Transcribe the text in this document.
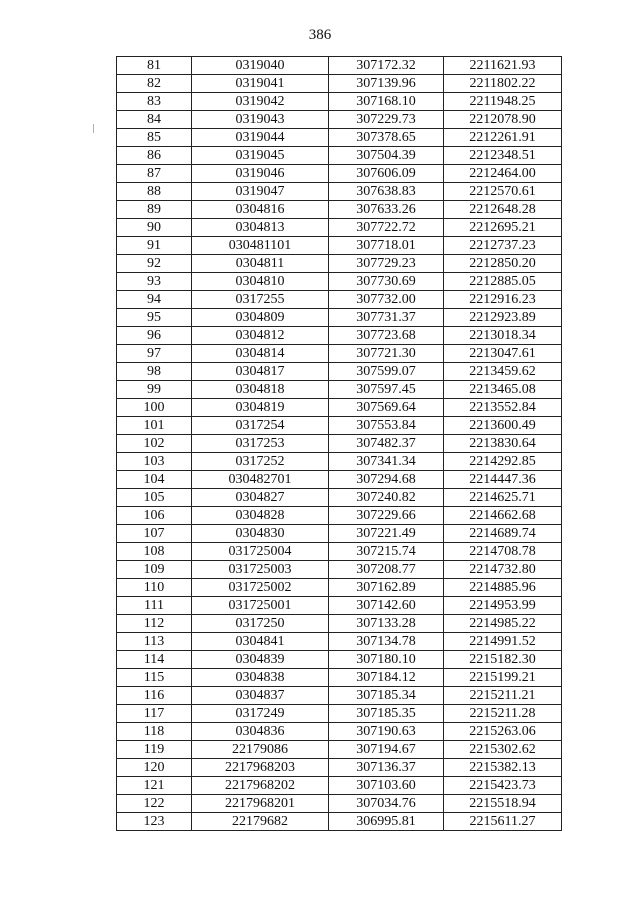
386
81	0319040	307172.32	2211621.93
82	0319041	307139.96	2211802.22
83	0319042	307168.10	2211948.25
84	0319043	307229.73	2212078.90
85	0319044	307378.65	2212261.91
86	0319045	307504.39	2212348.51
87	0319046	307606.09	2212464.00
88	0319047	307638.83	2212570.61
89	0304816	307633.26	2212648.28
90	0304813	307722.72	2212695.21
91	030481101	307718.01	2212737.23
92	0304811	307729.23	2212850.20
93	0304810	307730.69	2212885.05
94	0317255	307732.00	2212916.23
95	0304809	307731.37	2212923.89
96	0304812	307723.68	2213018.34
97	0304814	307721.30	2213047.61
98	0304817	307599.07	2213459.62
99	0304818	307597.45	2213465.08
100	0304819	307569.64	2213552.84
101	0317254	307553.84	2213600.49
102	0317253	307482.37	2213830.64
103	0317252	307341.34	2214292.85
104	030482701	307294.68	2214447.36
105	0304827	307240.82	2214625.71
106	0304828	307229.66	2214662.68
107	0304830	307221.49	2214689.74
108	031725004	307215.74	2214708.78
109	031725003	307208.77	2214732.80
110	031725002	307162.89	2214885.96
111	031725001	307142.60	2214953.99
112	0317250	307133.28	2214985.22
113	0304841	307134.78	2214991.52
114	0304839	307180.10	2215182.30
115	0304838	307184.12	2215199.21
116	0304837	307185.34	2215211.21
117	0317249	307185.35	2215211.28
118	0304836	307190.63	2215263.06
119	22179086	307194.67	2215302.62
120	2217968203	307136.37	2215382.13
121	2217968202	307103.60	2215423.73
122	2217968201	307034.76	2215518.94
123	22179682	306995.81	2215611.27
